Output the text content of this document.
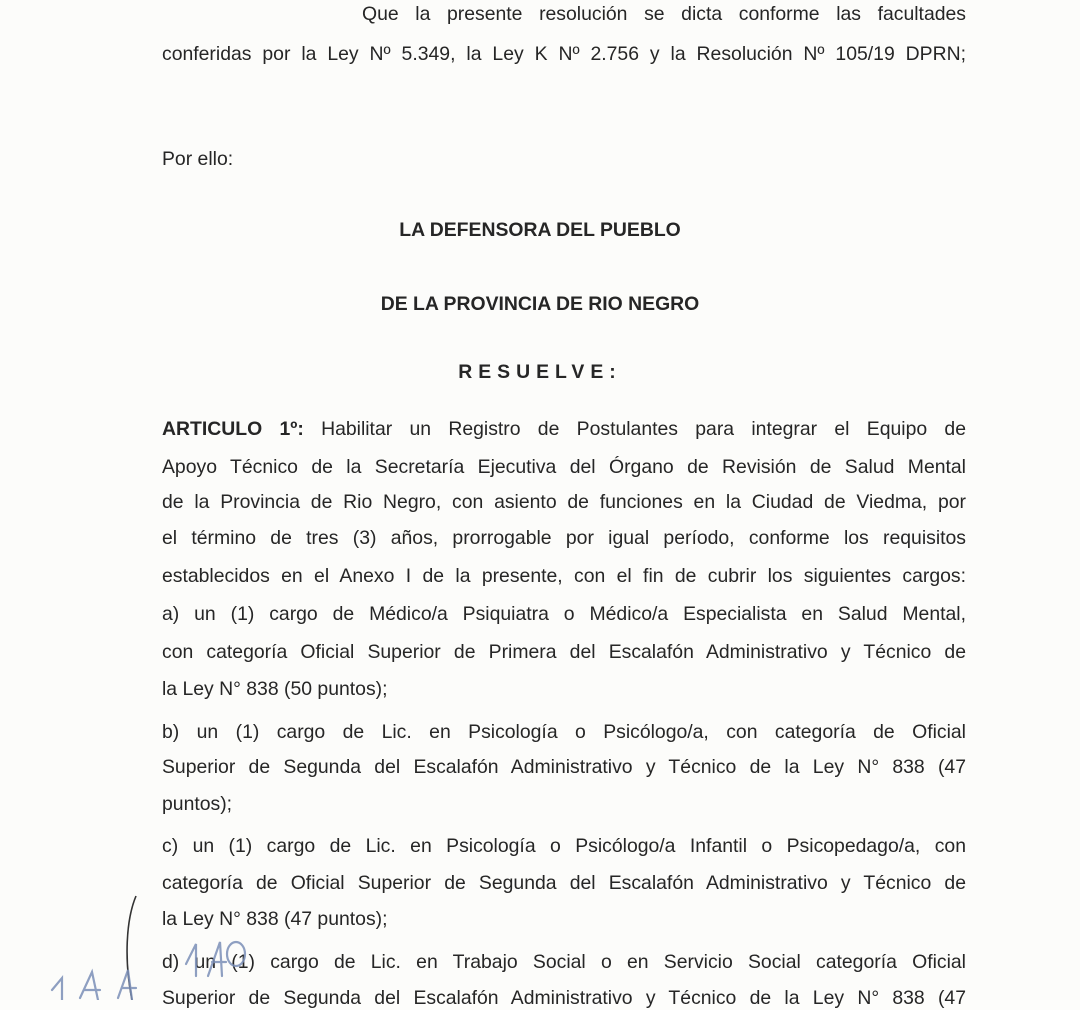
Que la presente resolución se dicta conforme las facultades
conferidas por la Ley Nº 5.349, la Ley K Nº 2.756 y la Resolución Nº 105/19 DPRN;
Por ello:
LA DEFENSORA DEL PUEBLO
DE LA PROVINCIA DE RIO NEGRO
RESUELVE:
ARTICULO 1º: Habilitar un Registro de Postulantes para integrar el Equipo de
Apoyo Técnico de la Secretaría Ejecutiva del Órgano de Revisión de Salud Mental
de la Provincia de Rio Negro, con asiento de funciones en la Ciudad de Viedma, por
el término de tres (3) años, prorrogable por igual período, conforme los requisitos
establecidos en el Anexo I de la presente, con el fin de cubrir los siguientes cargos:
a) un (1) cargo de Médico/a Psiquiatra o Médico/a Especialista en Salud Mental,
con categoría Oficial Superior de Primera del Escalafón Administrativo y Técnico de
la Ley N° 838 (50 puntos);
b) un (1) cargo de Lic. en Psicología o Psicólogo/a, con categoría de Oficial
Superior de Segunda del Escalafón Administrativo y Técnico de la Ley N° 838 (47
puntos);
c) un (1) cargo de Lic. en Psicología o Psicólogo/a Infantil o Psicopedago/a, con
categoría de Oficial Superior de Segunda del Escalafón Administrativo y Técnico de
la Ley N° 838 (47 puntos);
d) un (1) cargo de Lic. en Trabajo Social o en Servicio Social categoría Oficial
Superior de Segunda del Escalafón Administrativo y Técnico de la Ley N° 838 (47
